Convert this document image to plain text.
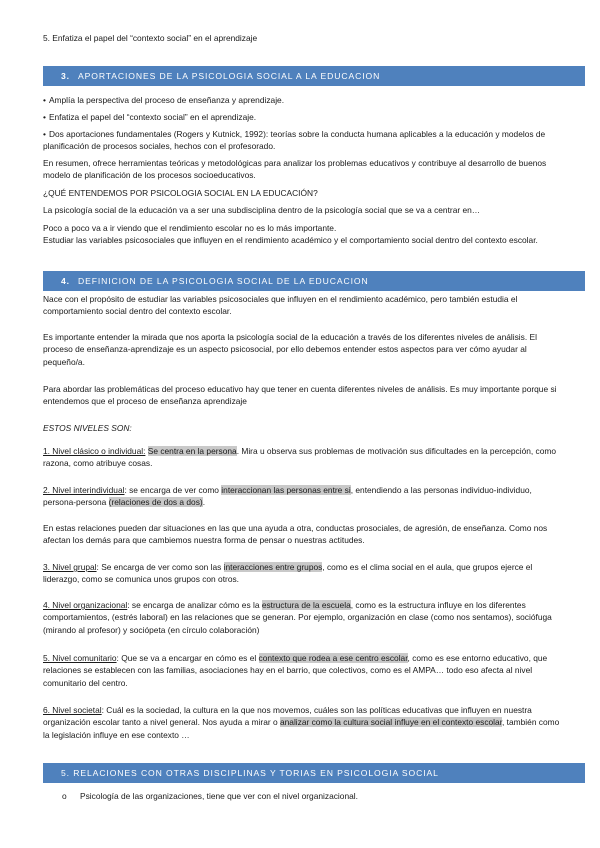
5. Enfatiza el papel del “contexto social” en el aprendizaje

3. APORTACIONES DE LA PSICOLOGIA SOCIAL A LA EDUCACION

• Amplía la perspectiva del proceso de enseñanza y aprendizaje.

• Enfatiza el papel del “contexto social” en el aprendizaje.

• Dos aportaciones fundamentales (Rogers y Kutnick, 1992): teorías sobre la conducta humana aplicables a la educación y modelos de planificación de procesos sociales, hechos con el profesorado.

En resumen, ofrece herramientas teóricas y metodológicas para analizar los problemas educativos y contribuye al desarrollo de buenos modelo de planificación de los procesos socioeducativos.

¿QUÉ ENTENDEMOS POR PSICOLOGIA SOCIAL EN LA EDUCACIÓN?

La psicología social de la educación va a ser una subdisciplina dentro de la psicología social que se va a centrar en…

Poco a poco va a ir viendo que el rendimiento escolar no es lo más importante.

Estudiar las variables psicosociales que influyen en el rendimiento académico y el comportamiento social dentro del contexto escolar.

4. DEFINICION DE LA PSICOLOGIA SOCIAL DE LA EDUCACION

Nace con el propósito de estudiar las variables psicosociales que influyen en el rendimiento académico, pero también estudia el comportamiento social dentro del contexto escolar.

Es importante entender la mirada que nos aporta la psicología social de la educación a través de los diferentes niveles de análisis. El proceso de enseñanza-aprendizaje es un aspecto psicosocial, por ello debemos entender estos aspectos para ver cómo ayudar al pequeño/a.

Para abordar las problemáticas del proceso educativo hay que tener en cuenta diferentes niveles de análisis. Es muy importante porque si entendemos que el proceso de enseñanza aprendizaje

ESTOS NIVELES SON:

1. Nivel clásico o individual: Se centra en la persona. Mira u observa sus problemas de motivación sus dificultades en la percepción, como razona, como atribuye cosas.

2. Nivel interindividual: se encarga de ver como interaccionan las personas entre si, entendiendo a las personas individuo-individuo, persona-persona (relaciones de dos a dos).

En estas relaciones pueden dar situaciones en las que una ayuda a otra, conductas prosociales, de agresión, de enseñanza. Como nos afectan los demás para que cambiemos nuestra forma de pensar o nuestras actitudes.

3. Nivel grupal: Se encarga de ver como son las interacciones entre grupos, como es el clima social en el aula, que grupos ejerce el liderazgo, como se comunica unos grupos con otros.

4. Nivel organizacional: se encarga de analizar cómo es la estructura de la escuela, como es la estructura influye en los diferentes comportamientos, (estrés laboral) en las relaciones que se generan. Por ejemplo, organización en clase (como nos sentamos), sociófuga (mirando al profesor) y sociópeta (en círculo colaboración)

5. Nivel comunitario: Que se va a encargar en cómo es el contexto que rodea a ese centro escolar, como es ese entorno educativo, que relaciones se establecen con las familias, asociaciones hay en el barrio, que colectivos, como es el AMPA… todo eso afecta al nivel comunitario del centro.

6. Nivel societal: Cuál es la sociedad, la cultura en la que nos movemos, cuáles son las políticas educativas que influyen en nuestra organización escolar tanto a nivel general. Nos ayuda a mirar o analizar como la cultura social influye en el contexto escolar, también como la legislación influye en ese contexto …

5. RELACIONES CON OTRAS DISCIPLINAS Y TORIAS EN PSICOLOGIA SOCIAL

o Psicología de las organizaciones, tiene que ver con el nivel organizacional.
